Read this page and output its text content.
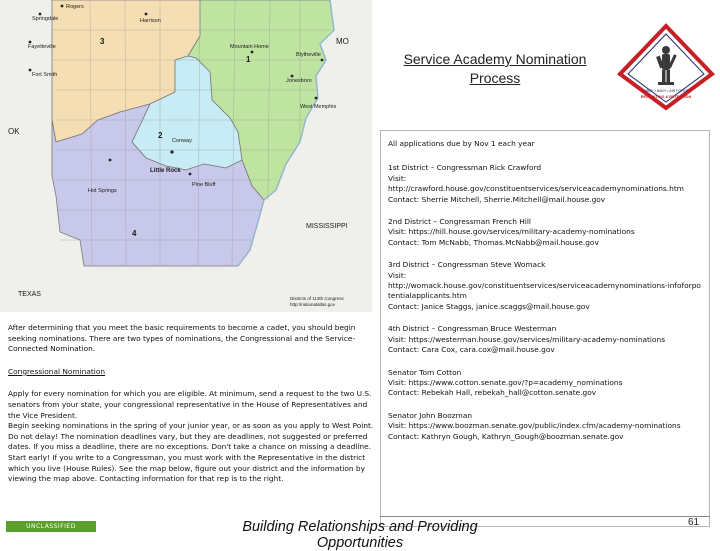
MO
OK
TEXAS
MISSISSIPPI
1
2
3
4
Springdale
Rogers
Fayetteville
Fort Smith
Harrison
Mountain Home
Jonesboro
Blytheville
Conway
Little Rock
Hot Springs
Pine Bluff
West Memphis
Districts of 113th Congress http://nationalatlas.gov
Service Academy Nomination
Process
ARMY • NAVY • AIR FORCE
RECRUITING & RETENTION
All applications due by Nov 1 each year
1st District – Congressman Rick Crawford
Visit:
http://crawford.house.gov/constituentservices/serviceacademynominations.htm
Contact: Sherrie Mitchell, Sherrie.Mitchell@mail.house.gov
2nd District – Congressman French Hill
Visit: https://hill.house.gov/services/military-academy-nominations
Contact: Tom McNabb, Thomas.McNabb@mail.house.gov
3rd District – Congressman Steve Womack
Visit:
http://womack.house.gov/constituentservices/serviceacademynominations-infoforpotentialapplicants.htm
Contact: Janice Staggs, janice.scaggs@mail.house.gov
4th District – Congressman Bruce Westerman
Visit: https://westerman.house.gov/services/military-academy-nominations
Contact: Cara Cox, cara.cox@mail.house.gov
Senator Tom Cotton
Visit: https://www.cotton.senate.gov/?p=academy_nominations
Contact: Rebekah Hall, rebekah_hall@cotton.senate.gov
Senator John Boozman
Visit: https://www.boozman.senate.gov/public/index.cfm/academy-nominations
Contact: Kathryn Gough, Kathryn_Gough@boozman.senate.gov

After determining that you meet the basic requirements to become a cadet, you should begin seeking nominations. There are two types of nominations, the Congressional and the Service-Connected Nomination.

Congressional Nomination

Apply for every nomination for which you are eligible. At minimum, send a request to the two U.S. senators from your state, your congressional representative in the House of Representatives and the Vice President.

Begin seeking nominations in the spring of your junior year, or as soon as you apply to West Point. Do not delay! The nomination deadlines vary, but they are deadlines, not suggested or preferred dates. If you miss a deadline, there are no exceptions. Don't take a chance on missing a deadline. Start early! If you write to a Congressman, you must work with the Representative in the district which you live (House Rules). See the map below, figure out your district and the information by viewing the map above. Contacting information for that rep is to the right.

UNCLASSIFIED	Building Relationships and Providing Opportunities
61
